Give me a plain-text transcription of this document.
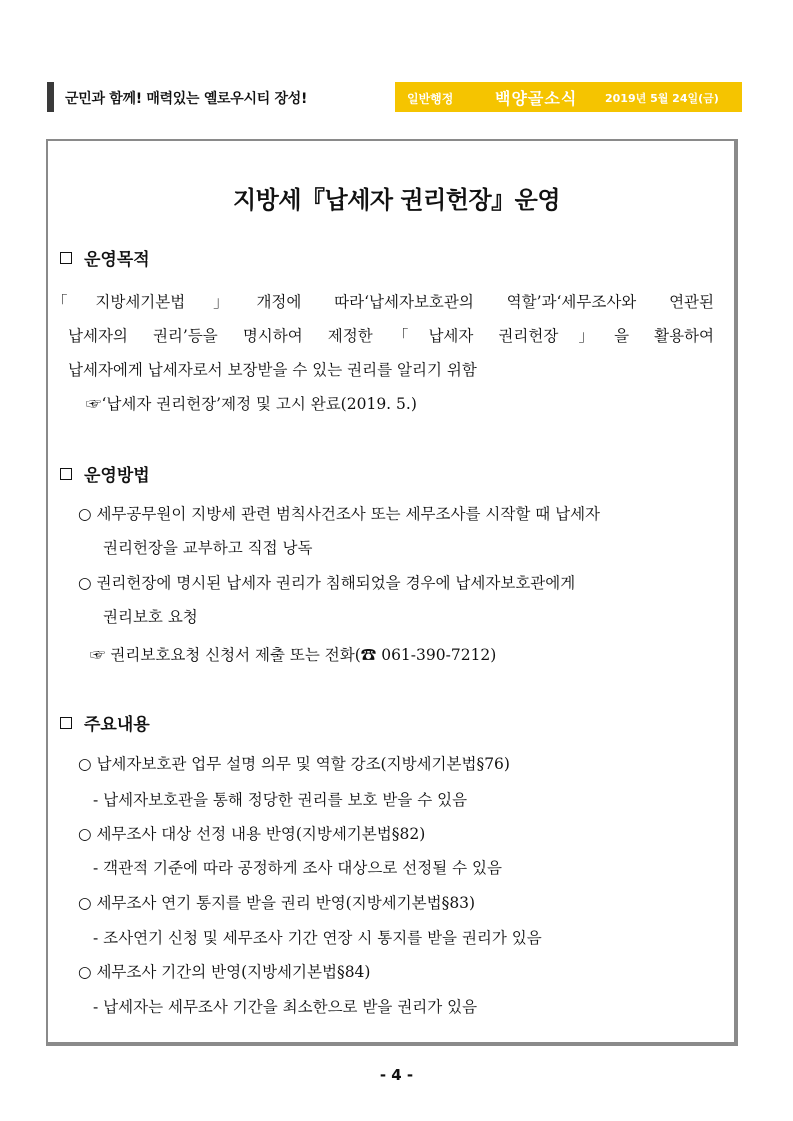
군민과 함께! 매력있는 옐로우시티 장성!	일반행정	백양골소식	2019년 5월 24일(금)
지방세『납세자 권리헌장』운영
운영목적
「지방세기본법」개정에 따라‘납세자보호관의 역할’과‘세무조사와 연관된
납세자의 권리’등을 명시하여 제정한「납세자 권리헌장」을 활용하여
납세자에게 납세자로서 보장받을 수 있는 권리를 알리기 위함
☞‘납세자 권리헌장’제정 및 고시 완료(2019. 5.)
운영방법
○ 세무공무원이 지방세 관련 범칙사건조사 또는 세무조사를 시작할 때 납세자
권리헌장을 교부하고 직접 낭독
○ 권리헌장에 명시된 납세자 권리가 침해되었을 경우에 납세자보호관에게
권리보호 요청
☞ 권리보호요청 신청서 제출 또는 전화(☎ 061-390-7212)
주요내용
○ 납세자보호관 업무 설명 의무 및 역할 강조(지방세기본법§76)
- 납세자보호관을 통해 정당한 권리를 보호 받을 수 있음
○ 세무조사 대상 선정 내용 반영(지방세기본법§82)
- 객관적 기준에 따라 공정하게 조사 대상으로 선정될 수 있음
○ 세무조사 연기 통지를 받을 권리 반영(지방세기본법§83)
- 조사연기 신청 및 세무조사 기간 연장 시 통지를 받을 권리가 있음
○ 세무조사 기간의 반영(지방세기본법§84)
- 납세자는 세무조사 기간을 최소한으로 받을 권리가 있음
- 4 -
